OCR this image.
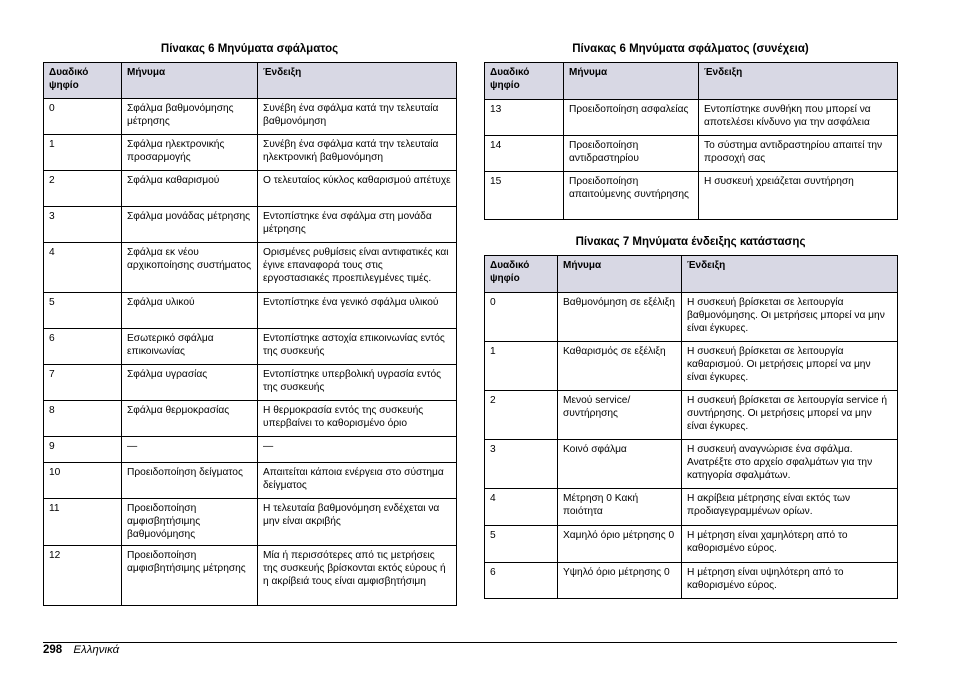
Πίνακας 6 Μηνύματα σφάλματος
Δυαδικό ψηφίο	Μήνυμα	Ένδειξη
0	Σφάλμα βαθμονόμησης μέτρησης	Συνέβη ένα σφάλμα κατά την τελευταία βαθμονόμηση
1	Σφάλμα ηλεκτρονικής προσαρμογής	Συνέβη ένα σφάλμα κατά την τελευταία ηλεκτρονική βαθμονόμηση
2	Σφάλμα καθαρισμού	Ο τελευταίος κύκλος καθαρισμού απέτυχε
3	Σφάλμα μονάδας μέτρησης	Εντοπίστηκε ένα σφάλμα στη μονάδα μέτρησης
4	Σφάλμα εκ νέου αρχικοποίησης συστήματος	Ορισμένες ρυθμίσεις είναι αντιφατικές και έγινε επαναφορά τους στις εργοστασιακές προεπιλεγμένες τιμές.
5	Σφάλμα υλικού	Εντοπίστηκε ένα γενικό σφάλμα υλικού
6	Εσωτερικό σφάλμα επικοινωνίας	Εντοπίστηκε αστοχία επικοινωνίας εντός της συσκευής
7	Σφάλμα υγρασίας	Εντοπίστηκε υπερβολική υγρασία εντός της συσκευής
8	Σφάλμα θερμοκρασίας	Η θερμοκρασία εντός της συσκευής υπερβαίνει το καθορισμένο όριο
9	—	—
10	Προειδοποίηση δείγματος	Απαιτείται κάποια ενέργεια στο σύστημα δείγματος
11	Προειδοποίηση αμφισβητήσιμης βαθμονόμησης	Η τελευταία βαθμονόμηση ενδέχεται να μην είναι ακριβής
12	Προειδοποίηση αμφισβητήσιμης μέτρησης	Μία ή περισσότερες από τις μετρήσεις της συσκευής βρίσκονται εκτός εύρους ή η ακρίβειά τους είναι αμφισβητήσιμη
Πίνακας 6 Μηνύματα σφάλματος (συνέχεια)
Δυαδικό ψηφίο	Μήνυμα	Ένδειξη
13	Προειδοποίηση ασφαλείας	Εντοπίστηκε συνθήκη που μπορεί να αποτελέσει κίνδυνο για την ασφάλεια
14	Προειδοποίηση αντιδραστηρίου	Το σύστημα αντιδραστηρίου απαιτεί την προσοχή σας
15	Προειδοποίηση απαιτούμενης συντήρησης	Η συσκευή χρειάζεται συντήρηση
Πίνακας 7 Μηνύματα ένδειξης κατάστασης
Δυαδικό ψηφίο	Μήνυμα	Ένδειξη
0	Βαθμονόμηση σε εξέλιξη	Η συσκευή βρίσκεται σε λειτουργία βαθμονόμησης. Οι μετρήσεις μπορεί να μην είναι έγκυρες.
1	Καθαρισμός σε εξέλιξη	Η συσκευή βρίσκεται σε λειτουργία καθαρισμού. Οι μετρήσεις μπορεί να μην είναι έγκυρες.
2	Μενού service/ συντήρησης	Η συσκευή βρίσκεται σε λειτουργία service ή συντήρησης. Οι μετρήσεις μπορεί να μην είναι έγκυρες.
3	Κοινό σφάλμα	Η συσκευή αναγνώρισε ένα σφάλμα. Ανατρέξτε στο αρχείο σφαλμάτων για την κατηγορία σφαλμάτων.
4	Μέτρηση 0 Κακή ποιότητα	Η ακρίβεια μέτρησης είναι εκτός των προδιαγεγραμμένων ορίων.
5	Χαμηλό όριο μέτρησης 0	Η μέτρηση είναι χαμηλότερη από το καθορισμένο εύρος.
6	Υψηλό όριο μέτρησης 0	Η μέτρηση είναι υψηλότερη από το καθορισμένο εύρος.
298 Ελληνικά
